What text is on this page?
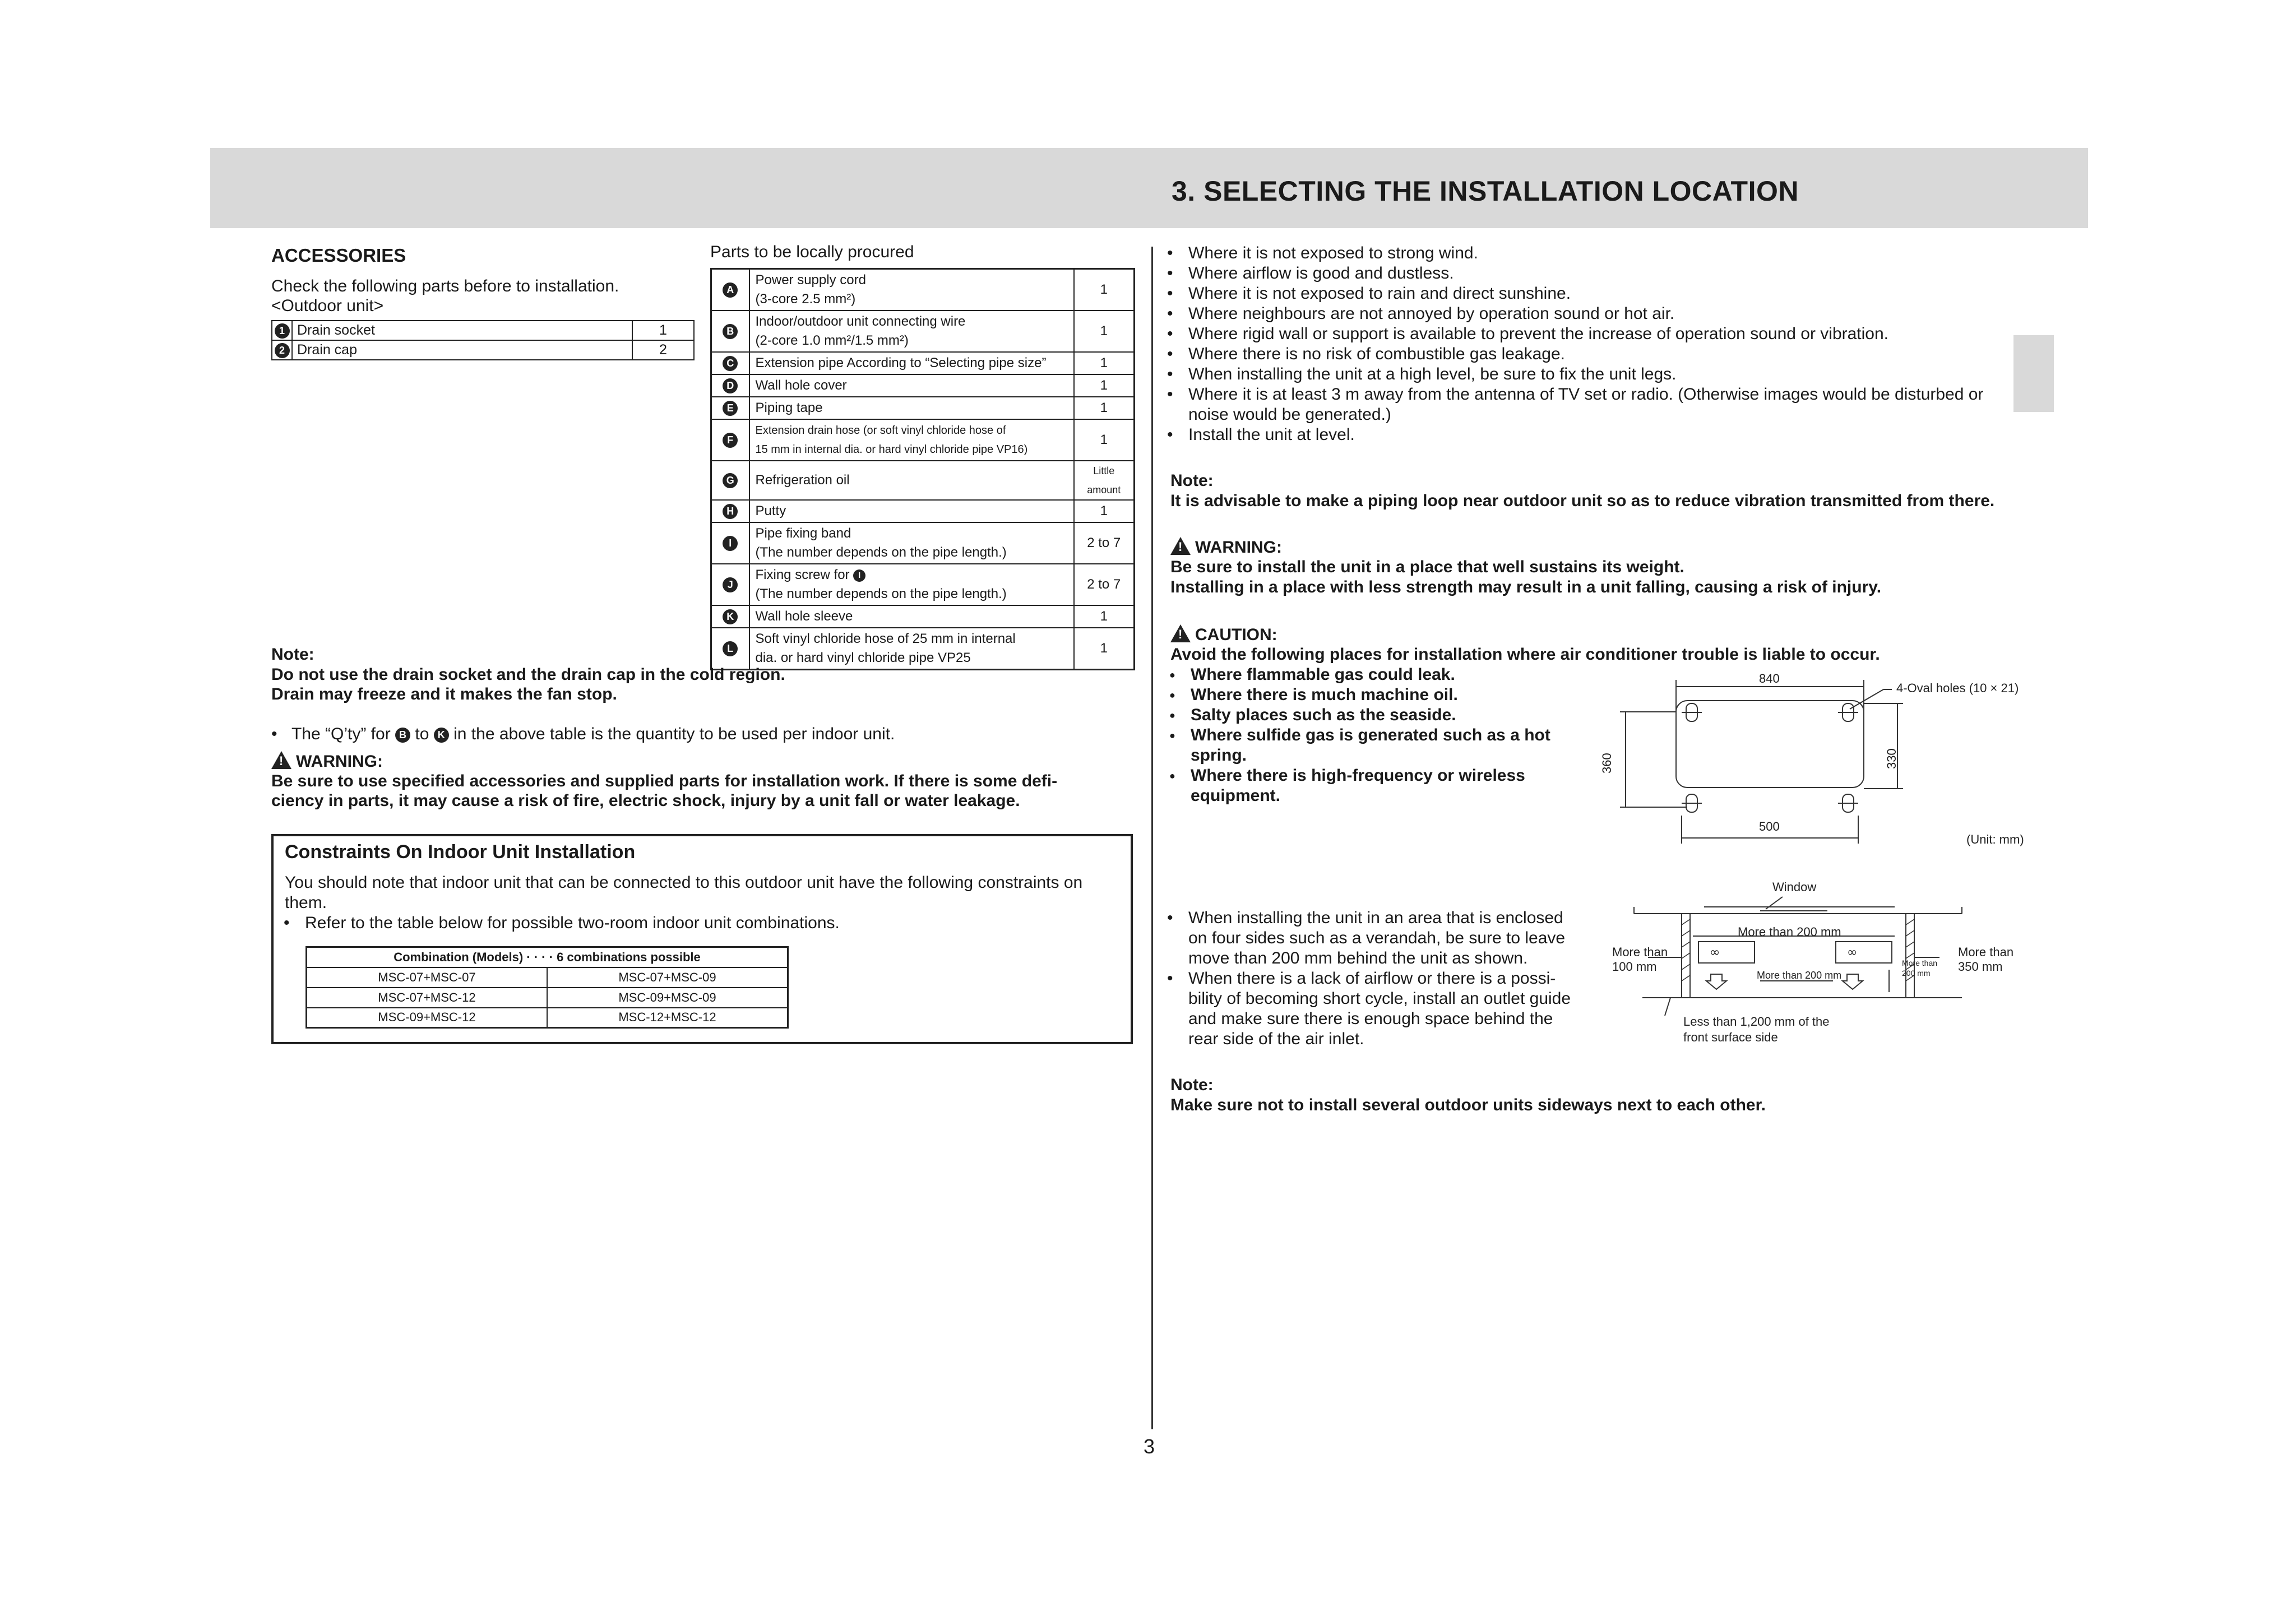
3. SELECTING THE INSTALLATION LOCATION
ACCESSORIES
Check the following parts before to installation.
<Outdoor unit>
1	Drain socket	1
2	Drain cap	2
Parts to be locally procured
A	Power supply cord
(3-core 2.5 mm²)	1
B	Indoor/outdoor unit connecting wire
(2-core 1.0 mm²/1.5 mm²)	1
C	Extension pipe According to “Selecting pipe size”	1
D	Wall hole cover	1
E	Piping tape	1
F	Extension drain hose (or soft vinyl chloride hose of
15 mm in internal dia. or hard vinyl chloride pipe VP16)	1
G	Refrigeration oil	Little amount
H	Putty	1
I	Pipe fixing band
(The number depends on the pipe length.)	2 to 7
J	Fixing screw for I
(The number depends on the pipe length.)	2 to 7
K	Wall hole sleeve	1
L	Soft vinyl chloride hose of 25 mm in internal
dia. or hard vinyl chloride pipe VP25	1
Note:
Do not use the drain socket and the drain cap in the cold region.
Drain may freeze and it makes the fan stop.
• The “Q’ty” for B to K in the above table is the quantity to be used per indoor unit.
!WARNING:
Be sure to use specified accessories and supplied parts for installation work. If there is some defi-
ciency in parts, it may cause a risk of fire, electric shock, injury by a unit fall or water leakage.
Constraints On Indoor Unit Installation
You should note that indoor unit that can be connected to this outdoor unit have the following constraints on
them.
• Refer to the table below for possible two-room indoor unit combinations.
Combination (Models) · · · · 6 combinations possible	
MSC-07+MSC-07	MSC-07+MSC-09
MSC-07+MSC-12	MSC-09+MSC-09
MSC-09+MSC-12	MSC-12+MSC-12
• Where it is not exposed to strong wind.
• Where airflow is good and dustless.
• Where it is not exposed to rain and direct sunshine.
• Where neighbours are not annoyed by operation sound or hot air.
• Where rigid wall or support is available to prevent the increase of operation sound or vibration.
• Where there is no risk of combustible gas leakage.
• When installing the unit at a high level, be sure to fix the unit legs.
• Where it is at least 3 m away from the antenna of TV set or radio. (Otherwise images would be disturbed or
noise would be generated.)
• Install the unit at level.
Note:
It is advisable to make a piping loop near outdoor unit so as to reduce vibration transmitted from there.
!WARNING:
Be sure to install the unit in a place that well sustains its weight.
Installing in a place with less strength may result in a unit falling, causing a risk of injury.
!CAUTION:
Avoid the following places for installation where air conditioner trouble is liable to occur.
● Where flammable gas could leak.
● Where there is much machine oil.
● Salty places such as the seaside.
● Where sulfide gas is generated such as a hot
spring.
● Where there is high-frequency or wireless
equipment.
840
500
360	330
4-Oval holes (10 × 21)
(Unit: mm)
• When installing the unit in an area that is enclosed
on four sides such as a verandah, be sure to leave
move than 200 mm behind the unit as shown.
• When there is a lack of airflow or there is a possi-
bility of becoming short cycle, install an outlet guide
and make sure there is enough space behind the
rear side of the air inlet.
∞	∞
Window
More than 200 mm
More than
100 mm
More than
350 mm
More than 200 mm
More than
200 mm
Less than 1,200 mm of the
front surface side
Note:
Make sure not to install several outdoor units sideways next to each other.
3
